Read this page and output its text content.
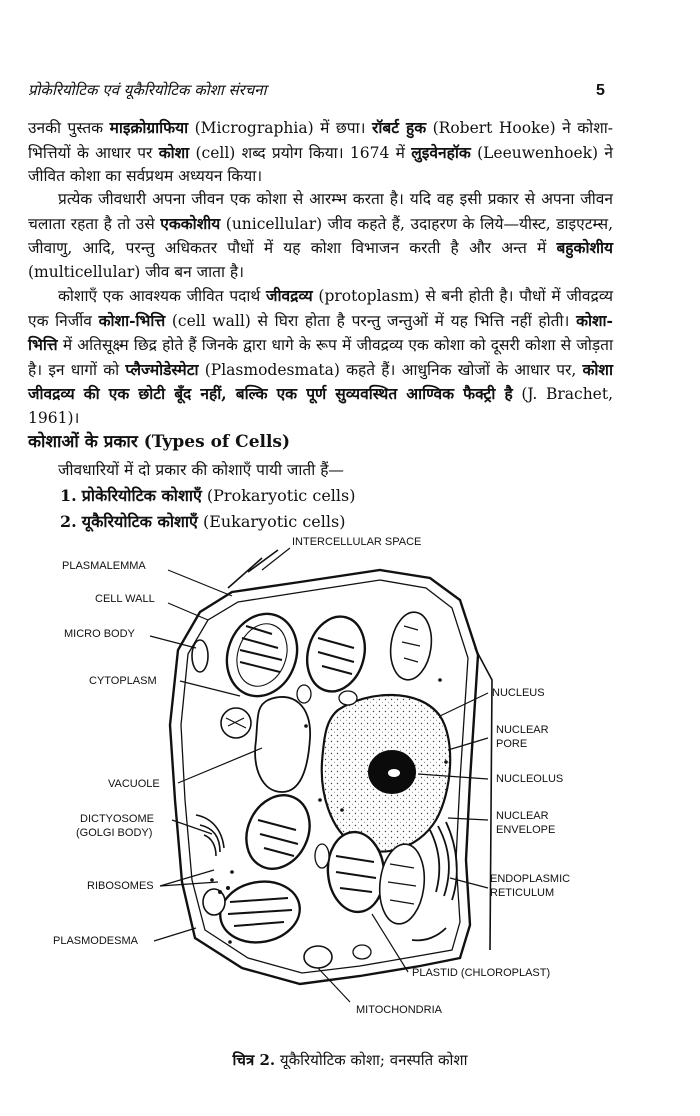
प्रोकेरियोटिक एवं यूकैरियोटिक कोशा संरचना	5

उनकी पुस्तक माइक्रोग्राफिया (Micrographia) में छपा। रॉबर्ट हुक (Robert Hooke) ने कोशा-भित्तियों के आधार पर कोशा (cell) शब्द प्रयोग किया। 1674 में लुइवेनहॉक (Leeuwenhoek) ने जीवित कोशा का सर्वप्रथम अध्ययन किया।

प्रत्येक जीवधारी अपना जीवन एक कोशा से आरम्भ करता है। यदि वह इसी प्रकार से अपना जीवन चलाता रहता है तो उसे एककोशीय (unicellular) जीव कहते हैं, उदाहरण के लिये—यीस्ट, डाइएटम्स, जीवाणु, आदि, परन्तु अधिकतर पौधों में यह कोशा विभाजन करती है और अन्त में बहुकोशीय (multicellular) जीव बन जाता है।

कोशाएँ एक आवश्यक जीवित पदार्थ जीवद्रव्य (protoplasm) से बनी होती है। पौधों में जीवद्रव्य एक निर्जीव कोशा-भित्ति (cell wall) से घिरा होता है परन्तु जन्तुओं में यह भित्ति नहीं होती। कोशा-भित्ति में अतिसूक्ष्म छिद्र होते हैं जिनके द्वारा धागे के रूप में जीवद्रव्य एक कोशा को दूसरी कोशा से जोड़ता है। इन धागों को प्लैज्मोडेस्मेटा (Plasmodesmata) कहते हैं। आधुनिक खोजों के आधार पर, कोशा जीवद्रव्य की एक छोटी बूँद नहीं, बल्कि एक पूर्ण सुव्यवस्थित आण्विक फैक्ट्री है (J. Brachet, 1961)।

कोशाओं के प्रकार (Types of Cells)

जीवधारियों में दो प्रकार की कोशाएँ पायी जाती हैं—

1. प्रोकेरियोटिक कोशाएँ (Prokaryotic cells)

2. यूकैरियोटिक कोशाएँ (Eukaryotic cells)

INTERCELLULAR SPACE
PLASMALEMMA
CELL WALL
MICRO BODY
CYTOPLASM
VACUOLE
DICTYOSOME
(GOLGI BODY)
RIBOSOMES
PLASMODESMA
NUCLEUS
NUCLEAR
PORE
NUCLEOLUS
NUCLEAR
ENVELOPE
ENDOPLASMIC
RETICULUM
PLASTID (CHLOROPLAST)
MITOCHONDRIA

चित्र 2. यूकैरियोटिक कोशा; वनस्पति कोशा
